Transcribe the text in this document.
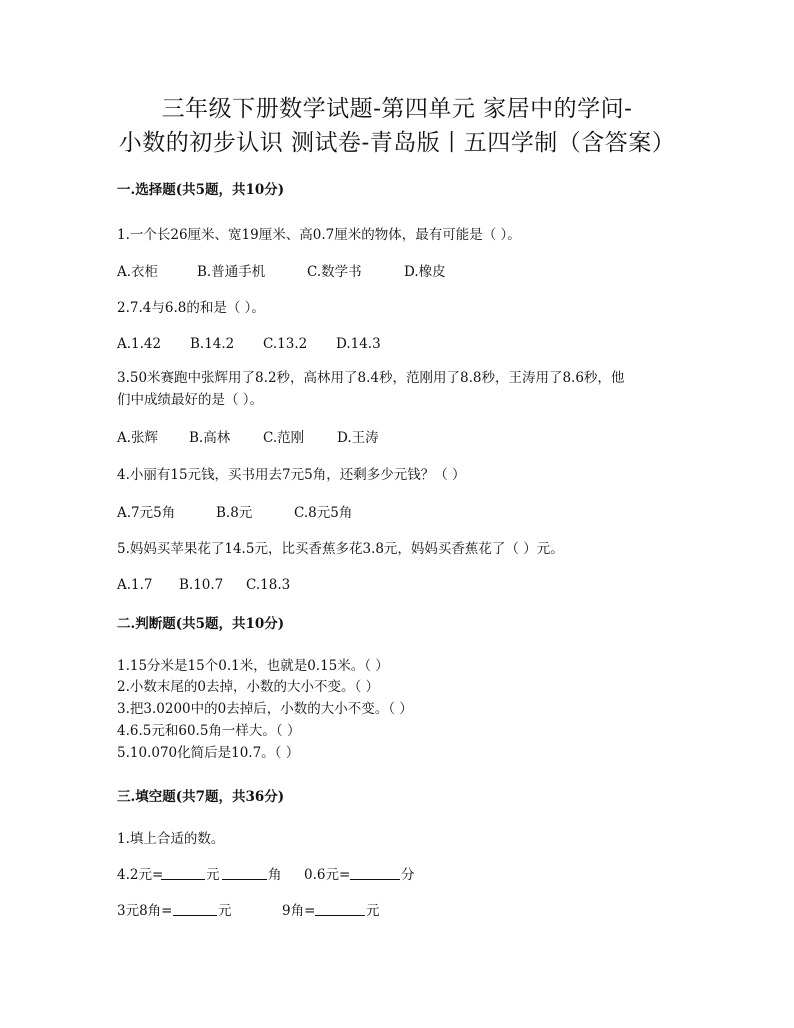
三年级下册数学试题-第四单元 家居中的学问-
小数的初步认识 测试卷-青岛版丨五四学制（含答案）
一.选择题(共5题，共10分)
1.一个长26厘米、宽19厘米、高0.7厘米的物体，最有可能是（ ）。
A.衣柜	B.普通手机	C.数学书	D.橡皮
2.7.4与6.8的和是（ ）。
A.1.42 B.14.2 C.13.2 D.14.3
3.50米赛跑中张辉用了8.2秒，高林用了8.4秒，范刚用了8.8秒，王涛用了8.6秒，他
们中成绩最好的是（ ）。
A.张辉 B.高林 C.范刚 D.王涛
4.小丽有15元钱，买书用去7元5角，还剩多少元钱？（ ）
A.7元5角	B.8元	C.8元5角
5.妈妈买苹果花了14.5元，比买香蕉多花3.8元，妈妈买香蕉花了（ ）元。
A.1.7 B.10.7 C.18.3
二.判断题(共5题，共10分)
1.15分米是15个0.1米，也就是0.15米。（ ）
2.小数末尾的0去掉，小数的大小不变。（ ）
3.把3.0200中的0去掉后，小数的大小不变。（ ）
4.6.5元和60.5角一样大。（ ）
5.10.070化简后是10.7。（ ）
三.填空题(共7题，共36分)
1.填上合适的数。
4.2元=	元	角 0.6元=	分
3元8角=	元	9角=	元
